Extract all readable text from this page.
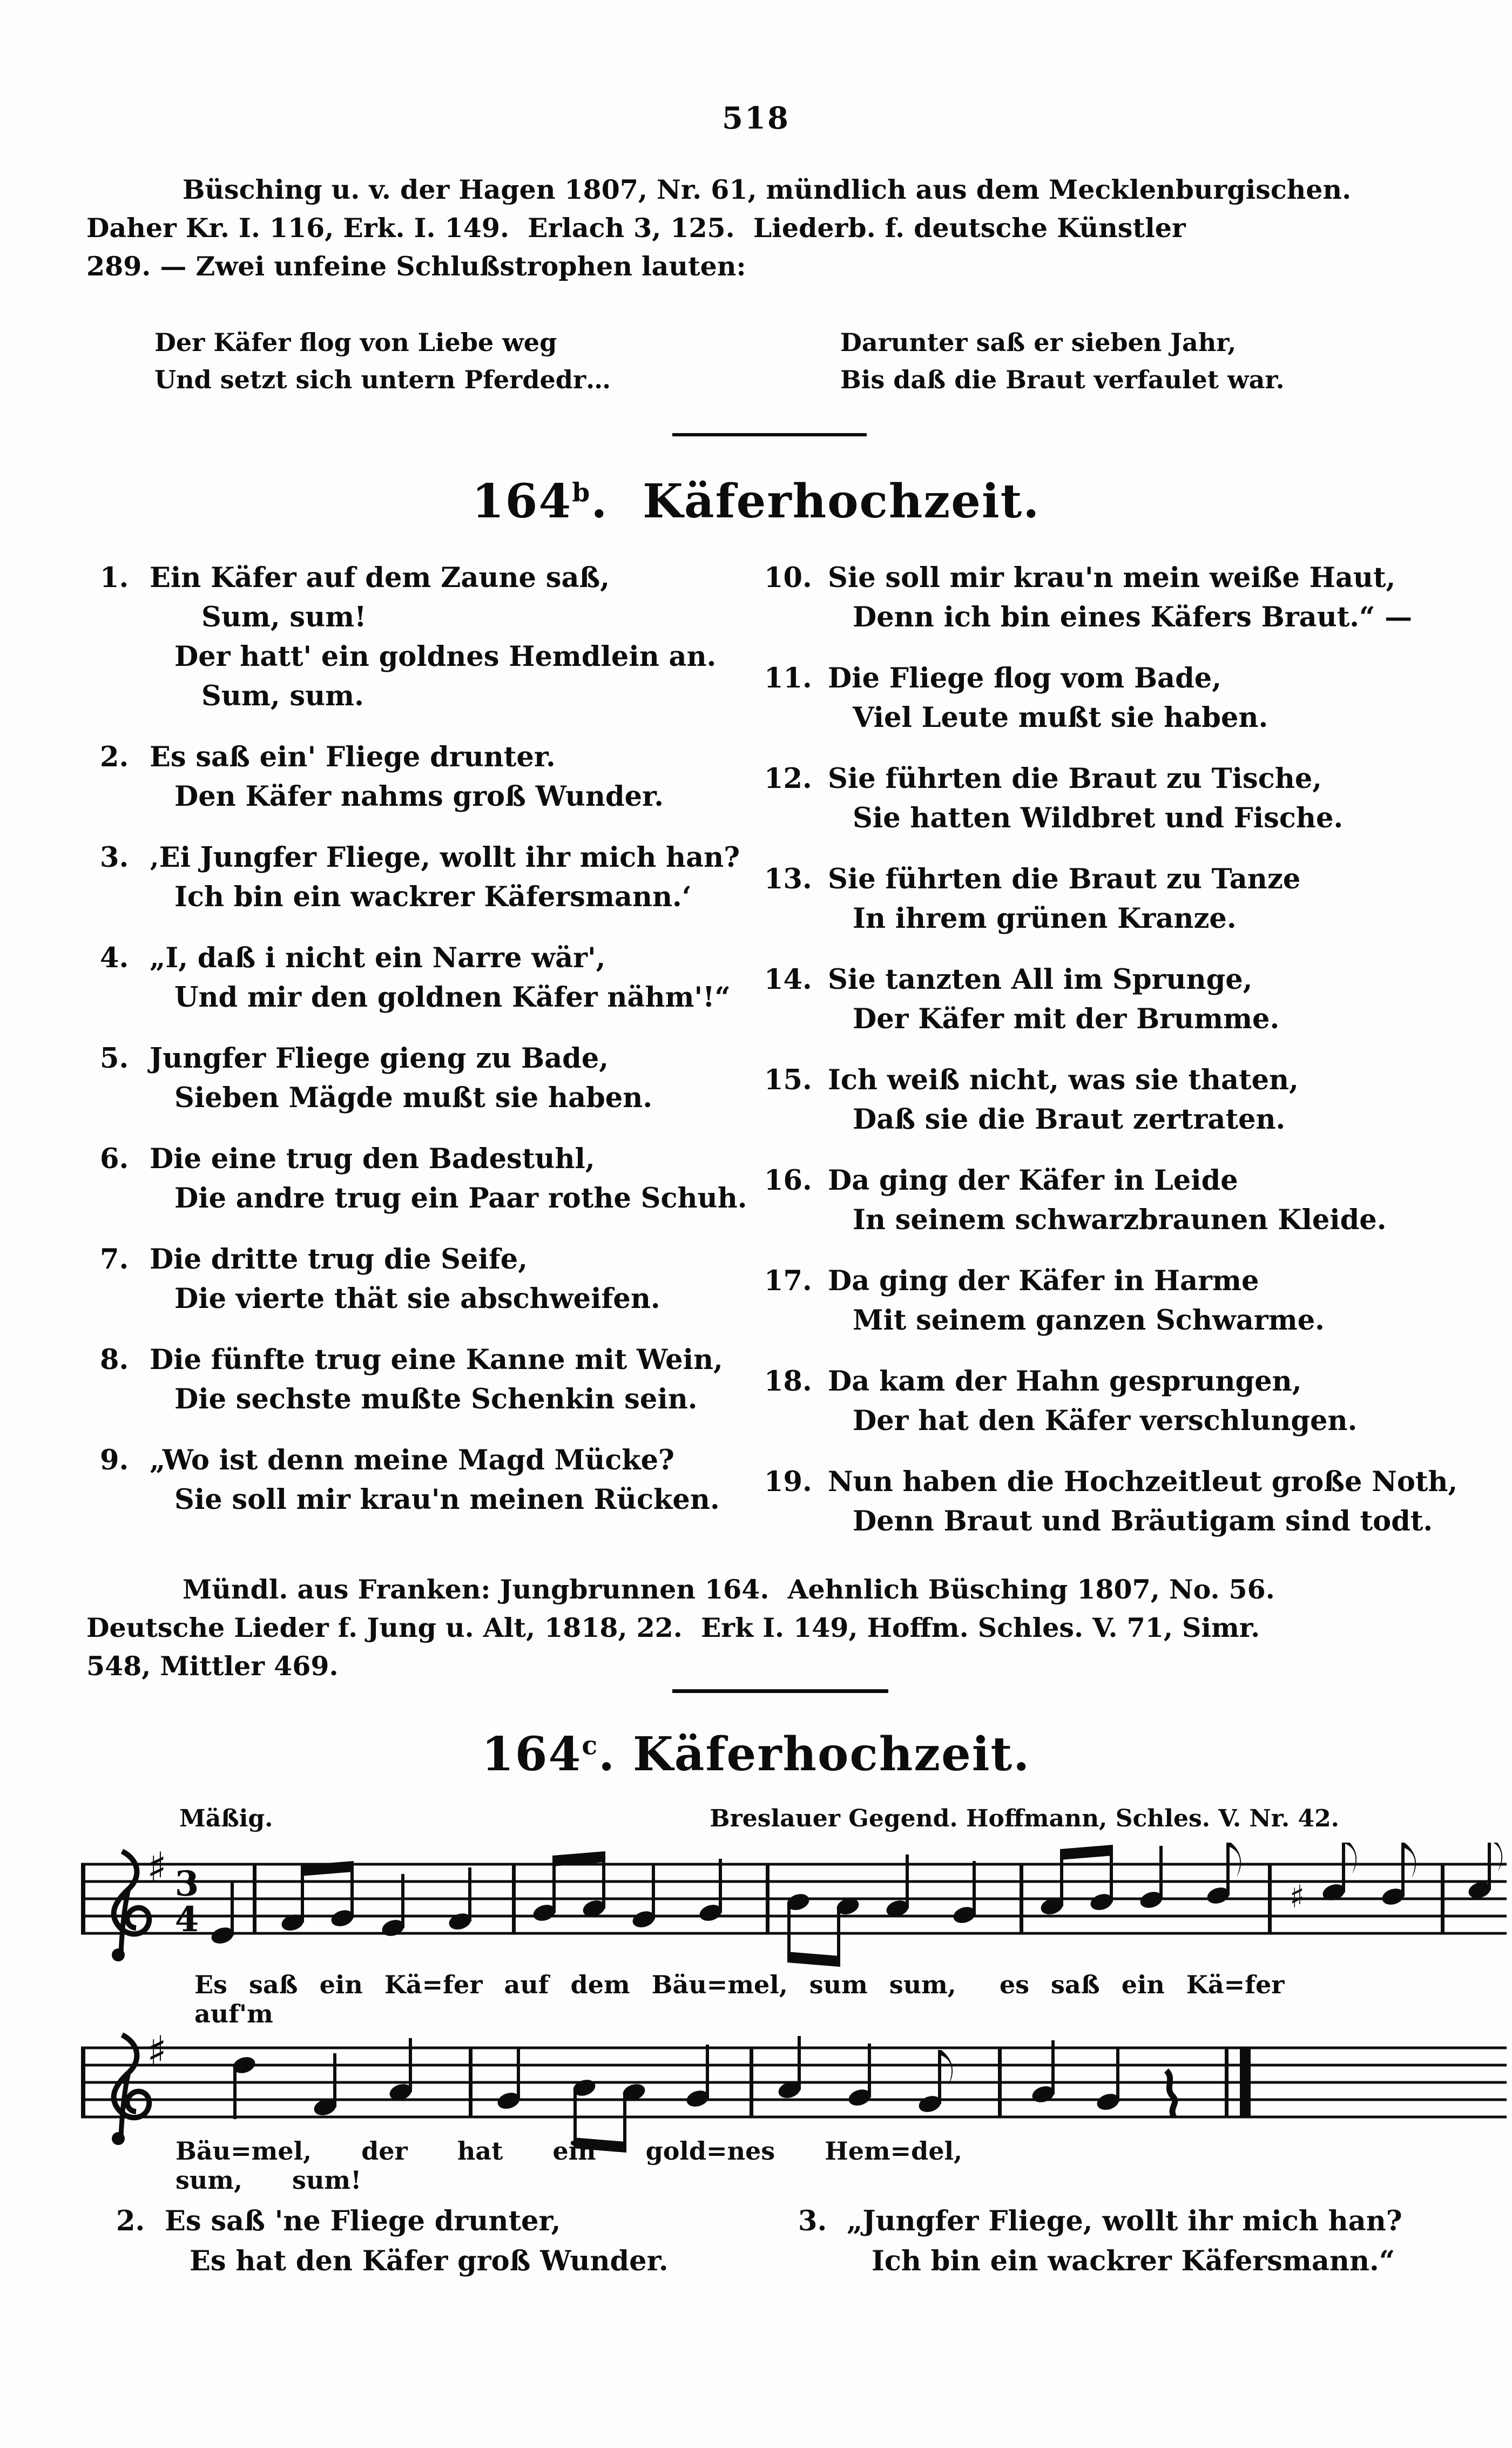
518
Büsching u. v. der Hagen 1807, Nr. 61, mündlich aus dem Mecklenburgischen.
Daher Kr. I. 116, Erk. I. 149.  Erlach 3, 125.  Liederb. f. deutsche Künstler
289. — Zwei unfeine Schlußstrophen lauten:
Der Käfer flog von Liebe weg
Und setzt sich untern Pferdedr…
Darunter saß er sieben Jahr,
Bis daß die Braut verfaulet war.
164$^b$.  Käferhochzeit.
1. Ein Käfer auf dem Zaune saß,
Sum, sum!
Der hatt' ein goldnes Hemdlein an.
Sum, sum.
2. Es saß ein' Fliege drunter.
Den Käfer nahms groß Wunder.
3. ‚Ei Jungfer Fliege, wollt ihr mich han?
Ich bin ein wackrer Käfersmann.‘
4. „I, daß i nicht ein Narre wär',
Und mir den goldnen Käfer nähm'!“
5. Jungfer Fliege gieng zu Bade,
Sieben Mägde mußt sie haben.
6. Die eine trug den Badestuhl,
Die andre trug ein Paar rothe Schuh.
7. Die dritte trug die Seife,
Die vierte thät sie abschweifen.
8. Die fünfte trug eine Kanne mit Wein,
Die sechste mußte Schenkin sein.
9. „Wo ist denn meine Magd Mücke?
Sie soll mir krau'n meinen Rücken.
10. Sie soll mir krau'n mein weiße Haut,
Denn ich bin eines Käfers Braut.“ —
11. Die Fliege flog vom Bade,
Viel Leute mußt sie haben.
12. Sie führten die Braut zu Tische,
Sie hatten Wildbret und Fische.
13. Sie führten die Braut zu Tanze
In ihrem grünen Kranze.
14. Sie tanzten All im Sprunge,
Der Käfer mit der Brumme.
15. Ich weiß nicht, was sie thaten,
Daß sie die Braut zertraten.
16. Da ging der Käfer in Leide
In seinem schwarzbraunen Kleide.
17. Da ging der Käfer in Harme
Mit seinem ganzen Schwarme.
18. Da kam der Hahn gesprungen,
Der hat den Käfer verschlungen.
19. Nun haben die Hochzeitleut große Noth,
Denn Braut und Bräutigam sind todt.
Mündl. aus Franken: Jungbrunnen 164.  Aehnlich Büsching 1807, No. 56.
Deutsche Lieder f. Jung u. Alt, 1818, 22.  Erk I. 149, Hoffm. Schles. V. 71, Simr.
548, Mittler 469.
164$^c$. Käferhochzeit.
Mäßig.	Breslauer Gegend. Hoffmann, Schles. V. Nr. 42.
♯ 3
4
♯
Es saß ein Kä=fer auf dem Bäu=mel, sum sum,  es saß ein Kä=fer  auf'm
♯
Bäu=mel,  der  hat  ein  gold=nes  Hem=del,  sum,  sum!
2. Es saß 'ne Fliege drunter,
Es hat den Käfer groß Wunder.
3. „Jungfer Fliege, wollt ihr mich han?
Ich bin ein wackrer Käfersmann.“
